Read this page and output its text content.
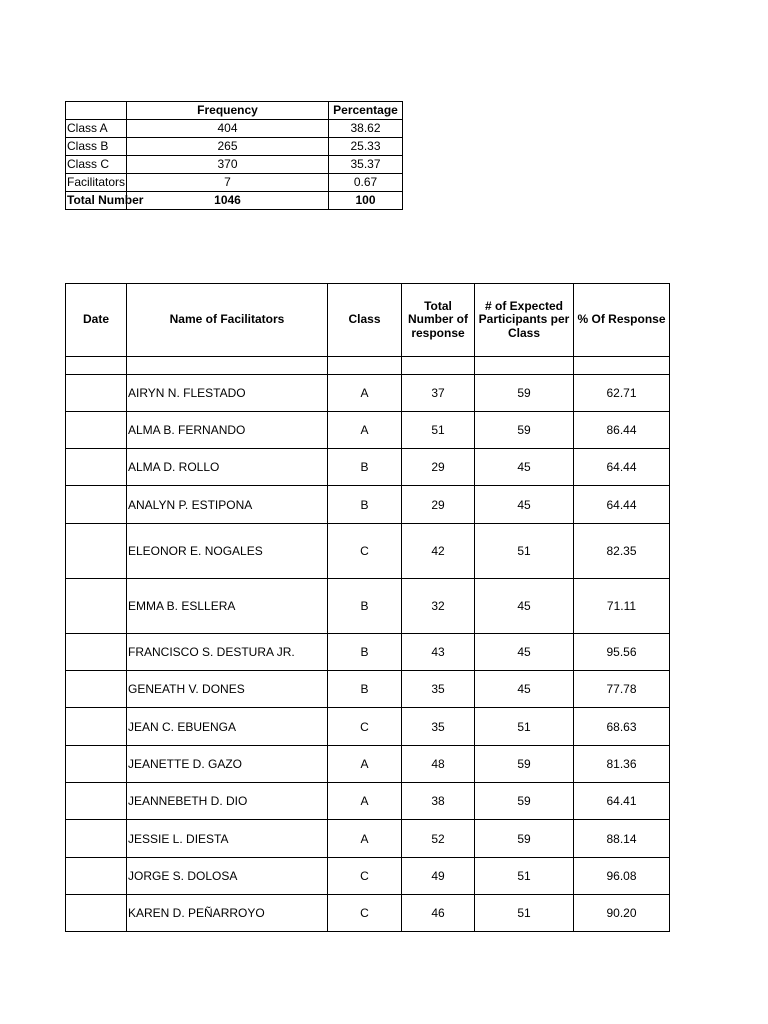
	Frequency	Percentage
Class A	404	38.62
Class B	265	25.33
Class C	370	35.37
Facilitators	7	0.67
Total Number	1046	100
Date	Name of Facilitators	Class	Total Number of response	# of Expected Participants per Class	% Of Response

	AIRYN N. FLESTADO	A	37	59	62.71
	ALMA B. FERNANDO	A	51	59	86.44
	ALMA D. ROLLO	B	29	45	64.44
	ANALYN P. ESTIPONA	B	29	45	64.44
	ELEONOR E. NOGALES	C	42	51	82.35
	EMMA B. ESLLERA	B	32	45	71.11
	FRANCISCO S. DESTURA JR.	B	43	45	95.56
	GENEATH V. DONES	B	35	45	77.78
	JEAN C. EBUENGA	C	35	51	68.63
	JEANETTE D. GAZO	A	48	59	81.36
	JEANNEBETH D. DIO	A	38	59	64.41
	JESSIE L. DIESTA	A	52	59	88.14
	JORGE S. DOLOSA	C	49	51	96.08
	KAREN D. PEÑARROYO	C	46	51	90.20
